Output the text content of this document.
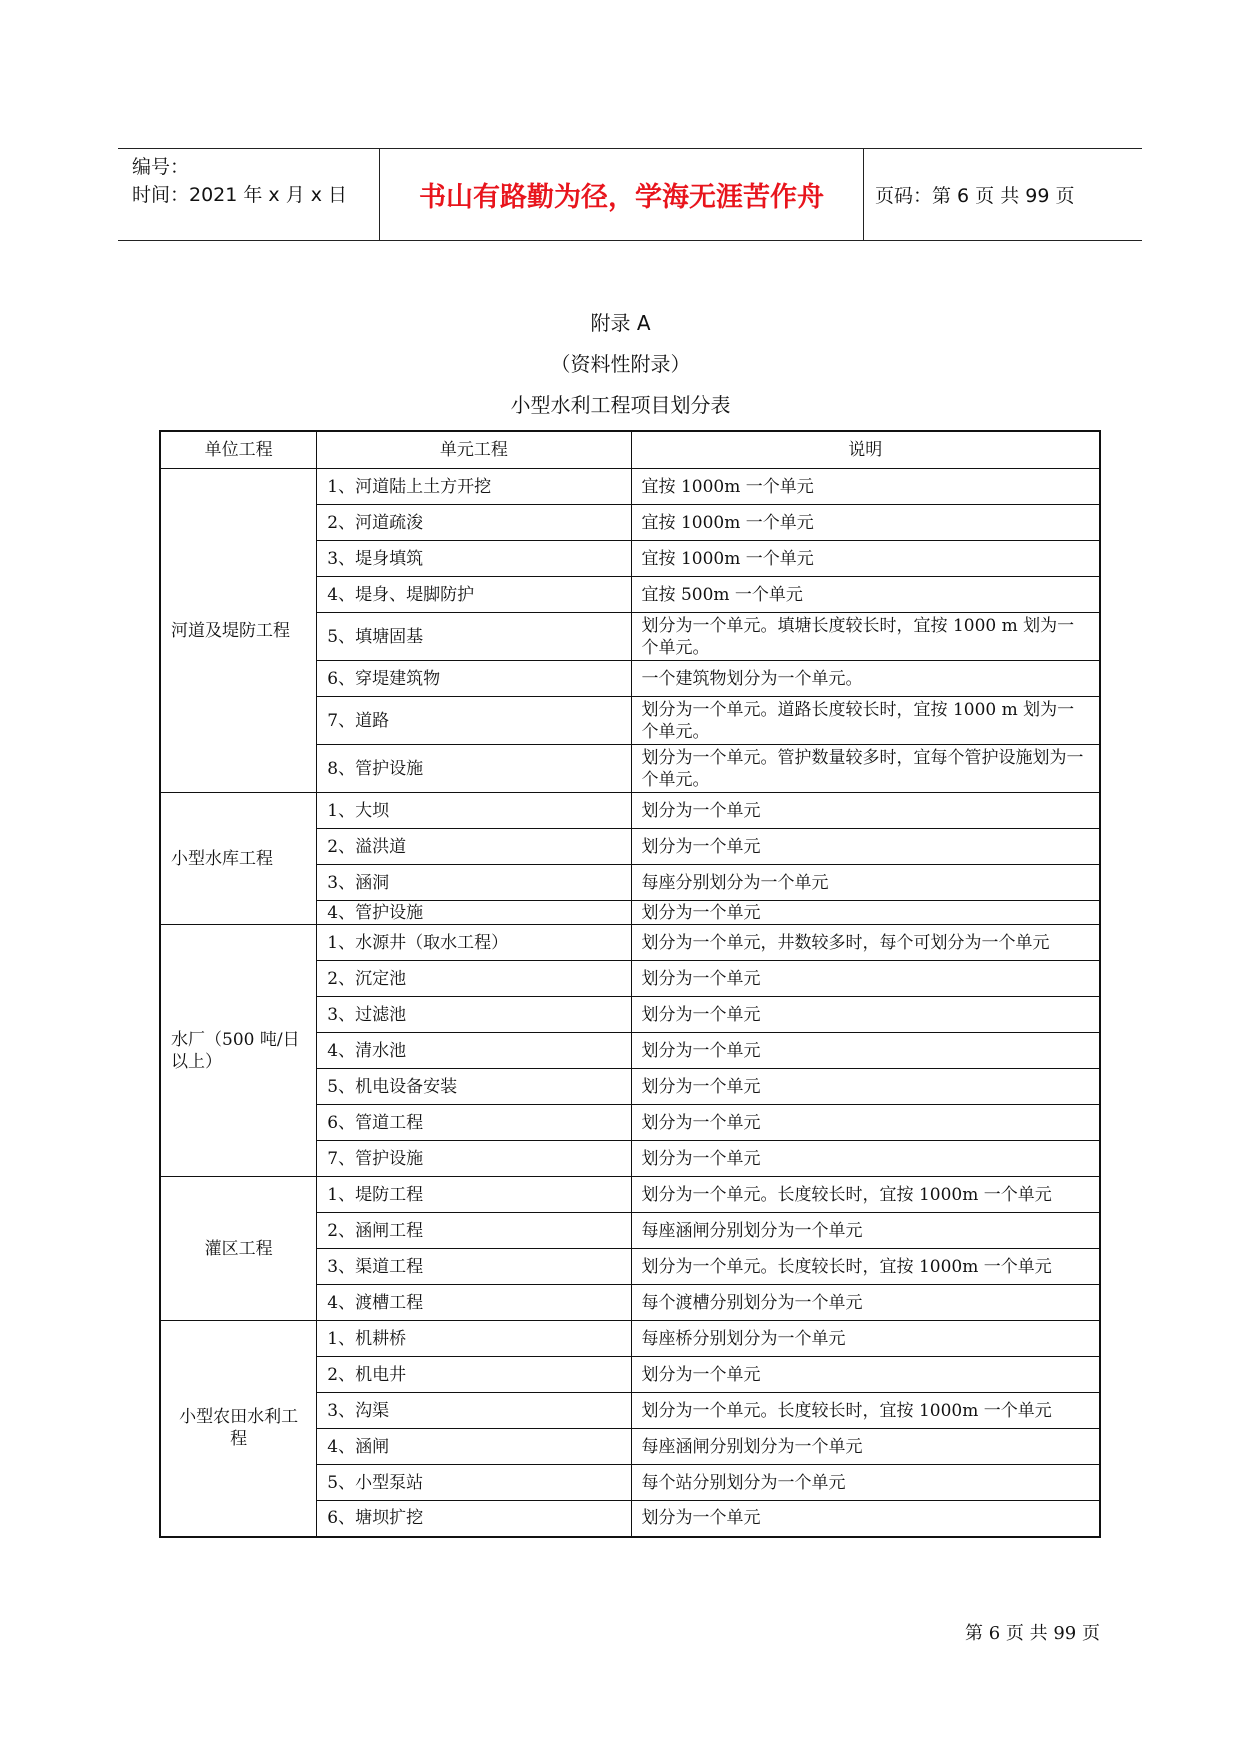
编号：
时间：2021 年 x 月 x 日	书山有路勤为径，学海无涯苦作舟	页码：第 6 页 共 99 页
附录 A
（资料性附录）
小型水利工程项目划分表
单位工程	单元工程	说明
河道及堤防工程	1、河道陆上土方开挖	宜按 1000m 一个单元
	2、河道疏浚	宜按 1000m 一个单元
	3、堤身填筑	宜按 1000m 一个单元
	4、堤身、堤脚防护	宜按 500m 一个单元
	5、填塘固基	划分为一个单元。填塘长度较长时，宜按 1000 m 划为一个单元。
	6、穿堤建筑物	一个建筑物划分为一个单元。
	7、道路	划分为一个单元。道路长度较长时，宜按 1000 m 划为一个单元。
	8、管护设施	划分为一个单元。管护数量较多时，宜每个管护设施划为一个单元。
小型水库工程	1、大坝	划分为一个单元
	2、溢洪道	划分为一个单元
	3、涵洞	每座分别划分为一个单元
	4、管护设施	划分为一个单元
水厂（500 吨/日以上）	1、水源井（取水工程）	划分为一个单元，井数较多时，每个可划分为一个单元
	2、沉定池	划分为一个单元
	3、过滤池	划分为一个单元
	4、清水池	划分为一个单元
	5、机电设备安装	划分为一个单元
	6、管道工程	划分为一个单元
	7、管护设施	划分为一个单元
灌区工程	1、堤防工程	划分为一个单元。长度较长时，宜按 1000m 一个单元
	2、涵闸工程	每座涵闸分别划分为一个单元
	3、渠道工程	划分为一个单元。长度较长时，宜按 1000m 一个单元
	4、渡槽工程	每个渡槽分别划分为一个单元
小型农田水利工程	1、机耕桥	每座桥分别划分为一个单元
	2、机电井	划分为一个单元
	3、沟渠	划分为一个单元。长度较长时，宜按 1000m 一个单元
	4、涵闸	每座涵闸分别划分为一个单元
	5、小型泵站	每个站分别划分为一个单元
	6、塘坝扩挖	划分为一个单元
第 6 页 共 99 页
